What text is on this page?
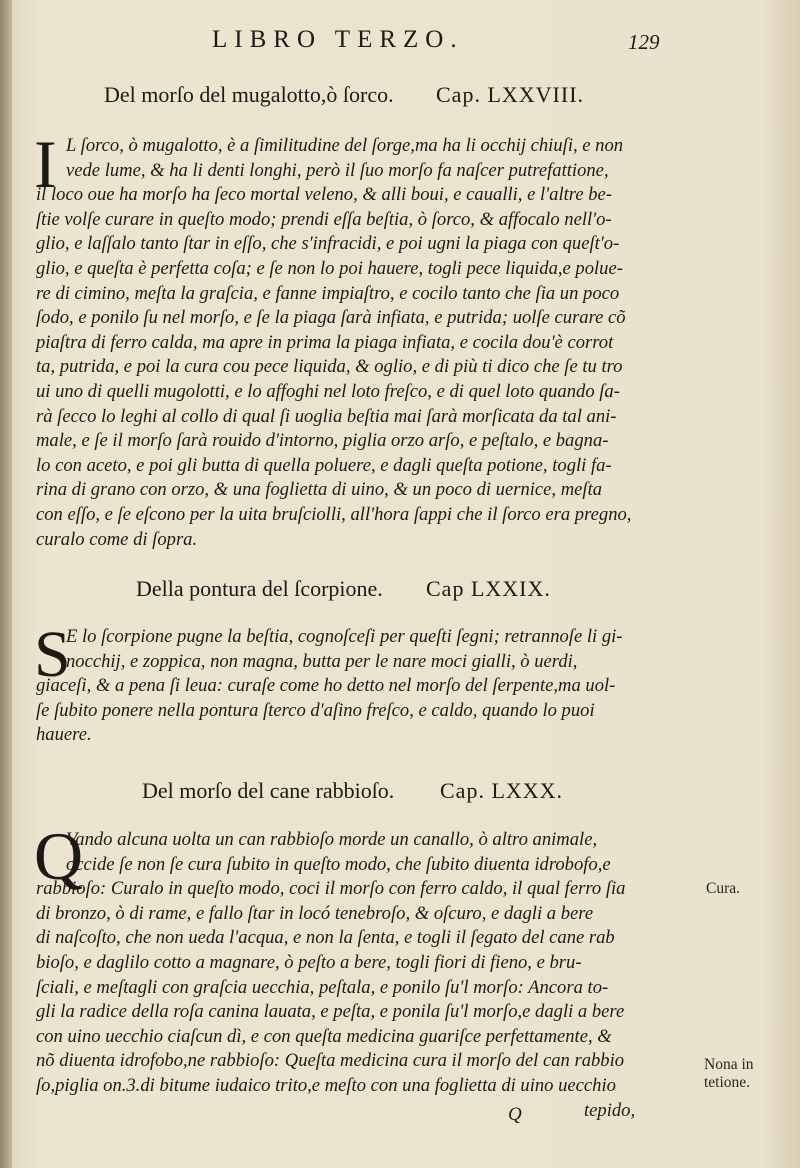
LIBRO TERZO.	129
Del morſo del mugalotto,ò ſorco. Cap. LXXVIII.
I L ſorco, ò mugalotto, è a ſimilitudine del ſorge,ma ha li occhij chiuſi, e non
vede lume, & ha li denti longhi, però il ſuo morſo fa naſcer putrefattione,
il loco oue ha morſo ha ſeco mortal veleno, & alli boui, e caualli, e l'altre be-
ſtie volſe curare in queſto modo; prendi eſſa beſtia, ò ſorco, & affocalo nell'o-
glio, e laſſalo tanto ſtar in eſſo, che s'infracidi, e poi ugni la piaga con queſt'o-
glio, e queſta è perfetta coſa; e ſe non lo poi hauere, togli pece liquida,e polue-
re di cimino, meſta la graſcia, e fanne impiaſtro, e cocilo tanto che ſia un poco
ſodo, e ponilo ſu nel morſo, e ſe la piaga ſarà infiata, e putrida; uolſe curare cõ
piaſtra di ferro calda, ma apre in prima la piaga infiata, e cocila dou'è corrot
ta, putrida, e poi la cura cou pece liquida, & oglio, e di più ti dico che ſe tu tro
ui uno di quelli mugolotti, e lo affoghi nel loto freſco, e di quel loto quando ſa-
rà ſecco lo leghi al collo di qual ſi uoglia beſtia mai ſarà morſicata da tal ani-
male, e ſe il morſo ſarà rouido d'intorno, piglia orzo arſo, e peſtalo, e bagna-
lo con aceto, e poi gli butta di quella poluere, e dagli queſta potione, togli fa-
rina di grano con orzo, & una foglietta di uino, & un poco di uernice, meſta
con eſſo, e ſe eſcono per la uita bruſciolli, all'hora ſappi che il ſorco era pregno,
curalo come di ſopra.
Della pontura del ſcorpione. Cap LXXIX.
S
E lo ſcorpione pugne la beſtia, cognoſceſi per queſti ſegni; retrannoſe li gi-
nocchij, e zoppica, non magna, butta per le nare moci gialli, ò uerdi,
giaceſi, & a pena ſi leua: curaſe come ho detto nel morſo del ſerpente,ma uol-
ſe ſubito ponere nella pontura ſterco d'aſino freſco, e caldo, quando lo puoi
hauere.
Del morſo del cane rabbioſo. Cap. LXXX.
Q
Vando alcuna uolta un can rabbioſo morde un canallo, ò altro animale,
occide ſe non ſe cura ſubito in queſto modo, che ſubito diuenta idrobofo,e
rabbioſo: Curalo in queſto modo, coci il morſo con ferro caldo, il qual ferro ſia
di bronzo, ò di rame, e fallo ſtar in locó tenebroſo, & oſcuro, e dagli a bere
di naſcoſto, che non ueda l'acqua, e non la ſenta, e togli il ſegato del cane rab
bioſo, e daglilo cotto a magnare, ò peſto a bere, togli fiori di fieno, e bru-
ſciali, e meſtagli con graſcia uecchia, peſtala, e ponilo ſu'l morſo: Ancora to-
gli la radice della roſa canina lauata, e peſta, e ponila ſu'l morſo,e dagli a bere
con uino uecchio ciaſcun dì, e con queſta medicina guariſce perfettamente, &
nõ diuenta idrofobo,ne rabbioſo: Queſta medicina cura il morſo del can rabbio
ſo,piglia on.3.di bitume iudaico trito,e meſto con una foglietta di uino uecchio
tepido,
Cura.
Nona in tetione.
Q
